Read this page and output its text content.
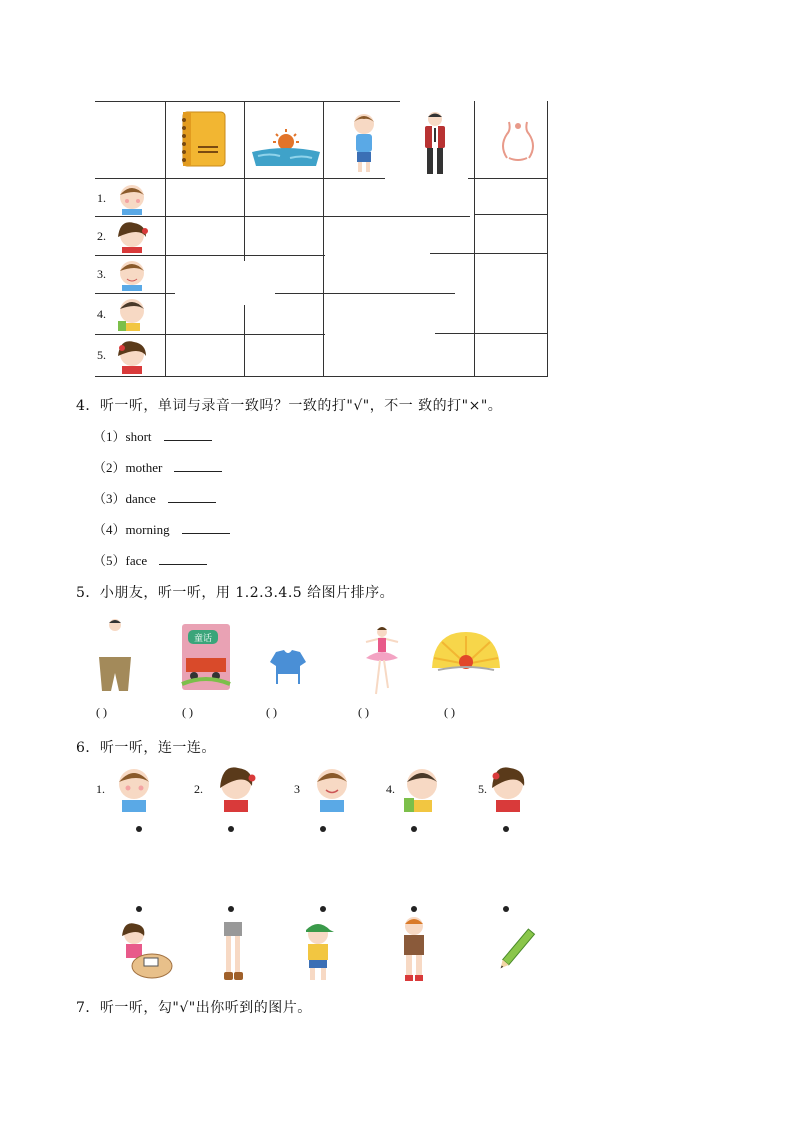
1.
2.
3.
4.
5.
4．听一听，单词与录音一致吗？一致的打"√"，不一 致的打"×"。
（1）short
（2）mother
（3）dance
（4）morning
（5）face
5．小朋友，听一听，用 1.2.3.4.5 给图片排序。
童话
( )	( )	( )	( )	( )
6．听一听，连一连。
1.	2.	3	4.	5.
7．听一听，勾"√"出你听到的图片。
